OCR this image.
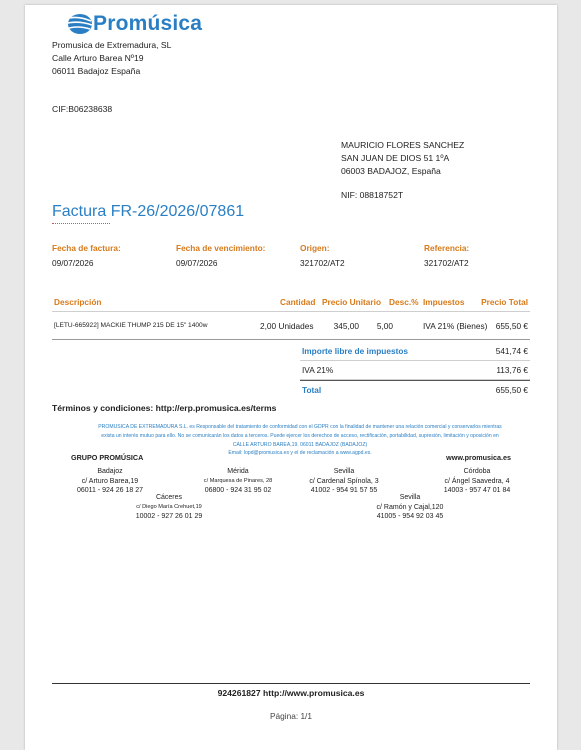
Promúsica
Promusica de Extremadura, SL
Calle Arturo Barea Nº19
06011 Badajoz España
CIF:B06238638
MAURICIO FLORES SANCHEZ
SAN JUAN DE DIOS 51 1ºA
06003 BADAJOZ, España
NIF: 08818752T
Factura FR-26/2026/07861
Fecha de factura:
09/07/2026
Fecha de vencimiento:
09/07/2026
Origen:
321702/AT2
Referencia:
321702/AT2
Descripción	Cantidad Precio Unitario Desc.% Impuestos Precio Total
[LETU-665922] MACKIE THUMP 215 DE 15" 1400w	2,00 Unidades 345,00 5,00	IVA 21% (Bienes) 655,50 €
Importe libre de impuestos	541,74 €
IVA 21%	113,76 €
Total	655,50 €
Términos y condiciones: http://erp.promusica.es/terms
PROMUSICA DE EXTREMADURA S.L. es Responsable del tratamiento de conformidad con el GDPR con la finalidad de mantener una relación comercial y conservarlos mientras
exista un interés mutuo para ello. No se comunicarán los datos a terceros. Puede ejercer los derechos de acceso, rectificación, portabilidad, supresión, limitación y oposición en
CALLE ARTURO BAREA,19. 06011 BADAJOZ (BADAJOZ)
Email: lopd@promusica.es y el de reclamación a www.agpd.es.
GRUPO PROMÚSICA	www.promusica.es
Badajoz
c/ Arturo Barea,19
06011 - 924 26 18 27
Mérida
c/ Marquesa de Pinares, 28
06800 - 924 31 95 02
Sevilla
c/ Cardenal Spínola, 3
41002 - 954 91 57 55
Córdoba
c/ Ángel Saavedra, 4
14003 - 957 47 01 84
Cáceres
c/ Diego María Crehuet,19
10002 - 927 26 01 29
Sevilla
c/ Ramón y Cajal,120
41005 - 954 92 03 45
924261827 http://www.promusica.es
Página: 1/1
